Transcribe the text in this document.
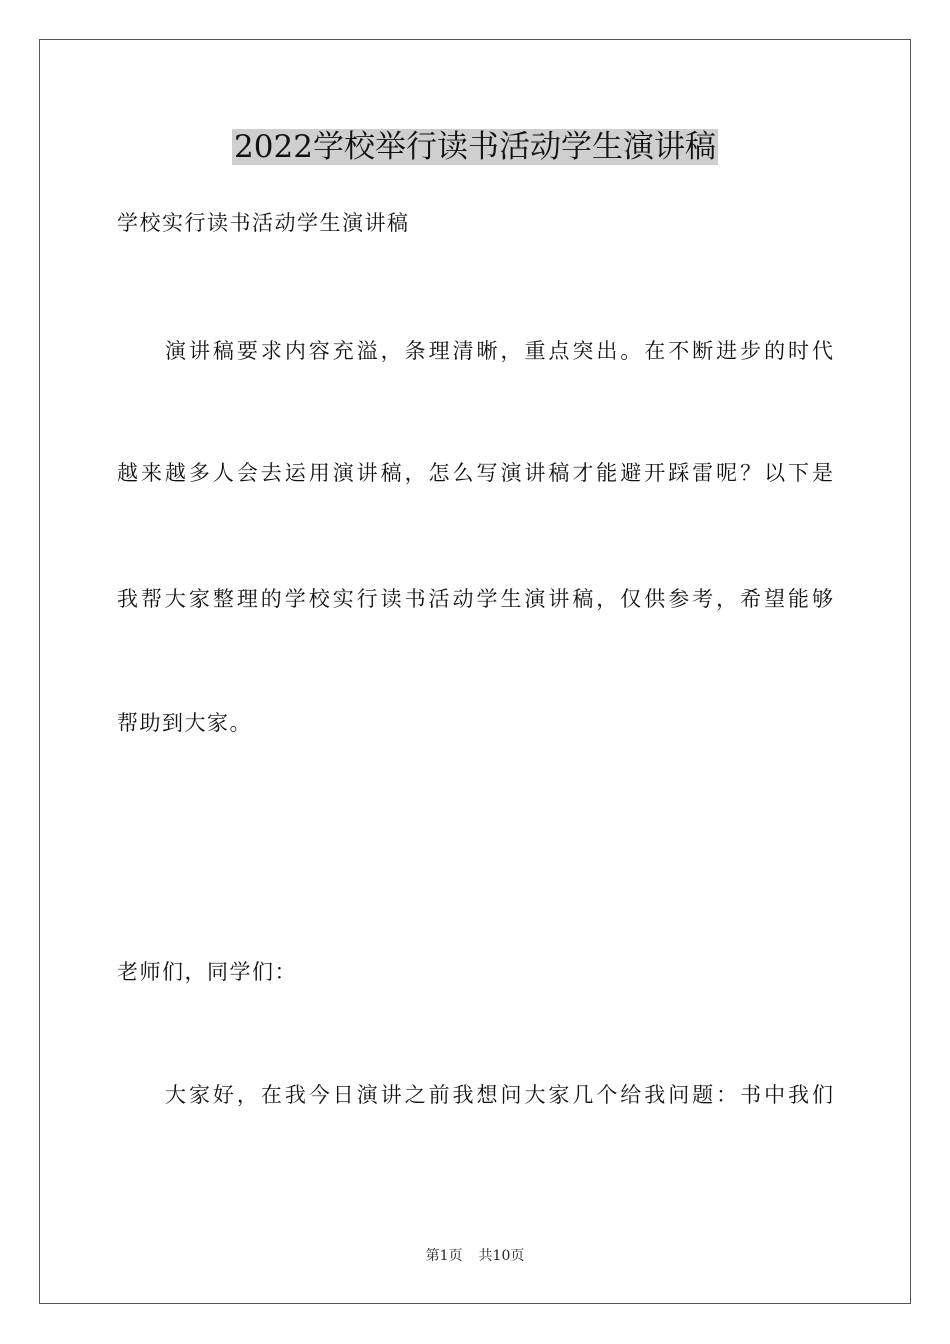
2022学校举行读书活动学生演讲稿
学校实行读书活动学生演讲稿
演讲稿要求内容充溢，条理清晰，重点突出。在不断进步的时代
越来越多人会去运用演讲稿，怎么写演讲稿才能避开踩雷呢？以下是
我帮大家整理的学校实行读书活动学生演讲稿，仅供参考，希望能够
帮助到大家。
老师们，同学们：
大家好，在我今日演讲之前我想问大家几个给我问题：书中我们
第1页 共10页
